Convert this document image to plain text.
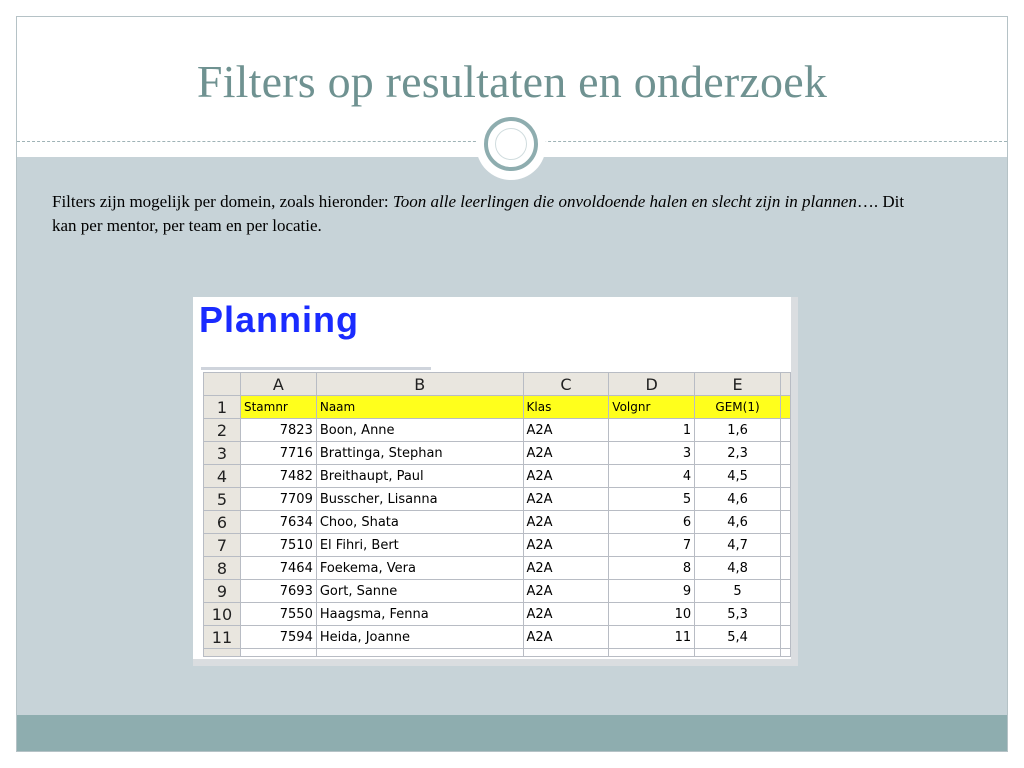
Filters op resultaten en onderzoek

Filters zijn mogelijk per domein, zoals hieronder: Toon alle leerlingen die onvoldoende halen en slecht zijn in plannen…. Dit kan per mentor, per team en per locatie.

Planning
	A	B	C	D	E	
1	Stamnr	Naam	Klas	Volgnr	GEM(1)	
2	7823	Boon, Anne	A2A	1	1,6	
3	7716	Brattinga, Stephan	A2A	3	2,3	
4	7482	Breithaupt, Paul	A2A	4	4,5	
5	7709	Busscher, Lisanna	A2A	5	4,6	
6	7634	Choo, Shata	A2A	6	4,6	
7	7510	El Fihri, Bert	A2A	7	4,7	
8	7464	Foekema, Vera	A2A	8	4,8	
9	7693	Gort, Sanne	A2A	9	5	
10	7550	Haagsma, Fenna	A2A	10	5,3	
11	7594	Heida, Joanne	A2A	11	5,4	
